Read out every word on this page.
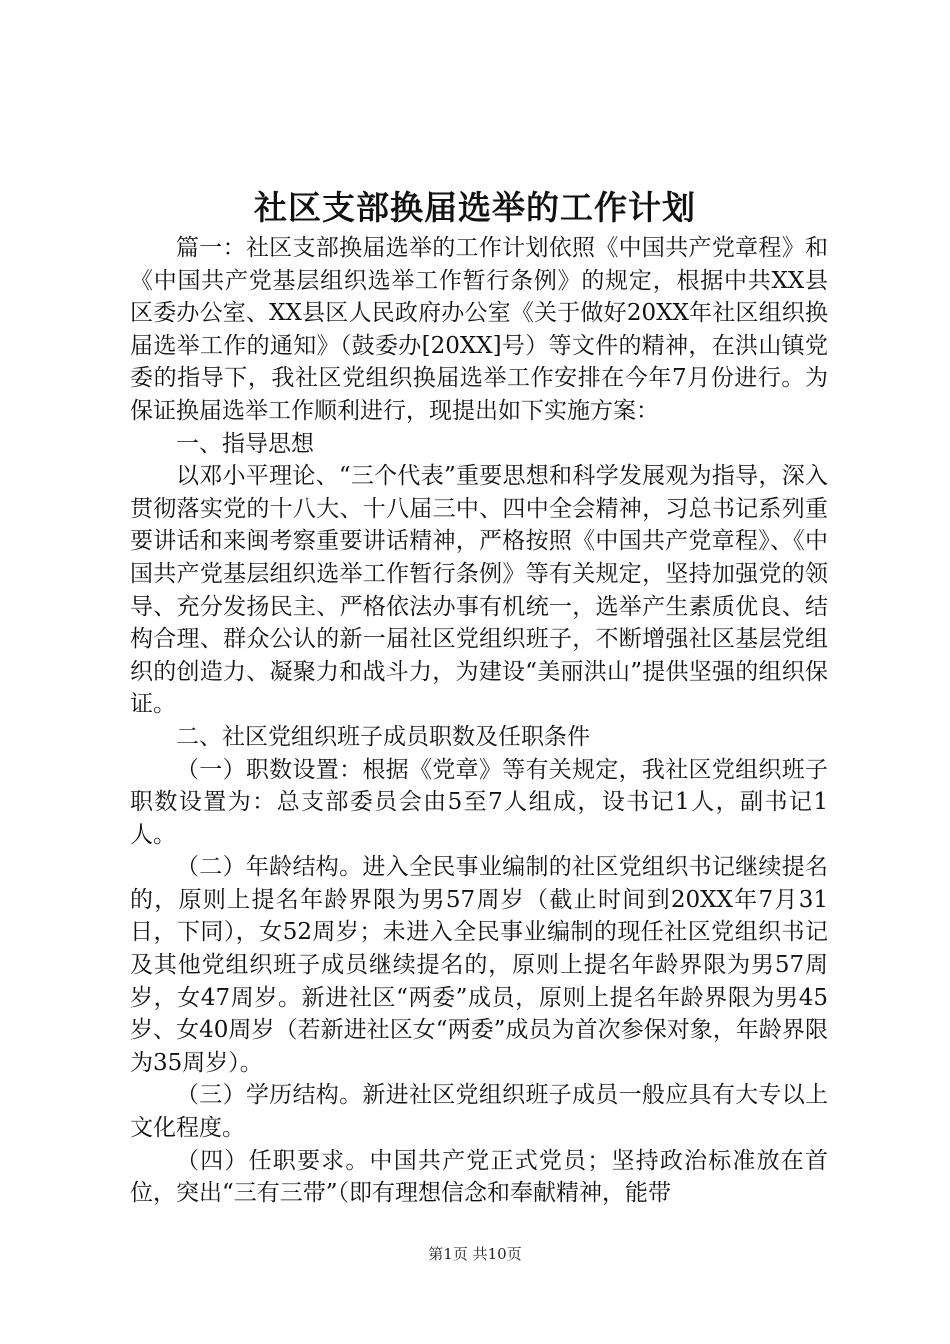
社区支部换届选举的工作计划

篇一：社区支部换届选举的工作计划依照《中国共产党章程》和《中国共产党基层组织选举工作暂行条例》的规定，根据中共XX县区委办公室、XX县区人民政府办公室《关于做好20XX年社区组织换届选举工作的通知》（鼓委办[20XX]号）等文件的精神，在洪山镇党委的指导下，我社区党组织换届选举工作安排在今年7月份进行。为保证换届选举工作顺利进行，现提出如下实施方案：

一、指导思想

以邓小平理论、“三个代表”重要思想和科学发展观为指导，深入贯彻落实党的十八大、十八届三中、四中全会精神，习总书记系列重要讲话和来闽考察重要讲话精神，严格按照《中国共产党章程》、《中国共产党基层组织选举工作暂行条例》等有关规定，坚持加强党的领导、充分发扬民主、严格依法办事有机统一，选举产生素质优良、结构合理、群众公认的新一届社区党组织班子，不断增强社区基层党组织的创造力、凝聚力和战斗力，为建设“美丽洪山”提供坚强的组织保证。

二、社区党组织班子成员职数及任职条件

（一）职数设置：根据《党章》等有关规定，我社区党组织班子职数设置为：总支部委员会由5至7人组成，设书记1人，副书记1人。

（二）年龄结构。进入全民事业编制的社区党组织书记继续提名的，原则上提名年龄界限为男57周岁（截止时间到20XX年7月31日，下同），女52周岁；未进入全民事业编制的现任社区党组织书记及其他党组织班子成员继续提名的，原则上提名年龄界限为男57周岁，女47周岁。新进社区“两委”成员，原则上提名年龄界限为男45岁、女40周岁（若新进社区女“两委”成员为首次参保对象，年龄界限为35周岁）。

（三）学历结构。新进社区党组织班子成员一般应具有大专以上文化程度。

（四）任职要求。中国共产党正式党员；坚持政治标准放在首位，突出“三有三带”（即有理想信念和奉献精神，能带

第1页 共10页
